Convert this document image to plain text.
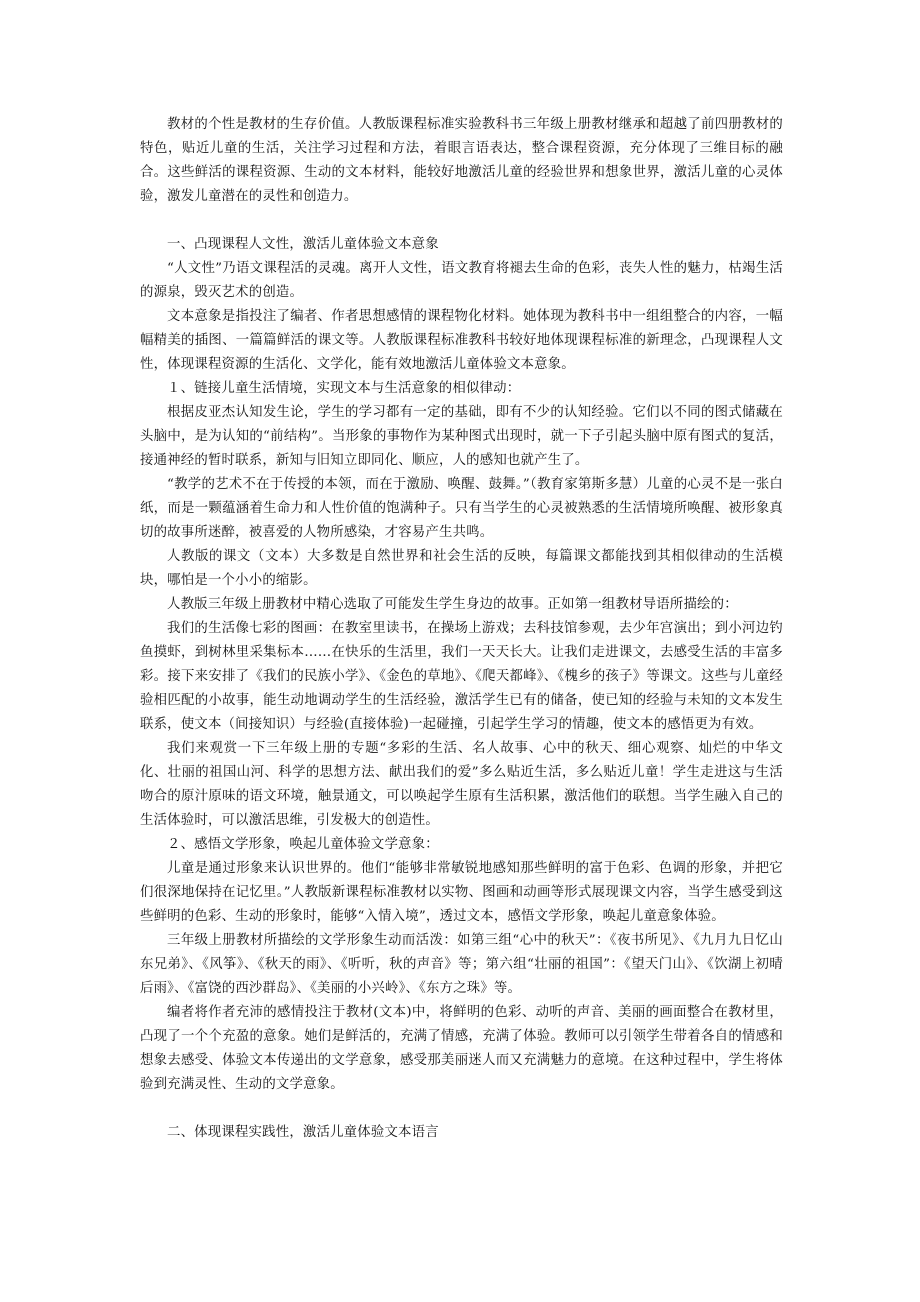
教材的个性是教材的生存价值。人教版课程标准实验教科书三年级上册教材继承和超越了前四册教材的特色，贴近儿童的生活，关注学习过程和方法，着眼言语表达，整合课程资源，充分体现了三维目标的融合。这些鲜活的课程资源、生动的文本材料，能较好地激活儿童的经验世界和想象世界，激活儿童的心灵体验，激发儿童潜在的灵性和创造力。

一、凸现课程人文性，激活儿童体验文本意象

“人文性”乃语文课程活的灵魂。离开人文性，语文教育将褪去生命的色彩，丧失人性的魅力，枯竭生活的源泉，毁灭艺术的创造。

文本意象是指投注了编者、作者思想感情的课程物化材料。她体现为教科书中一组组整合的内容，一幅幅精美的插图、一篇篇鲜活的课文等。人教版课程标准教科书较好地体现课程标准的新理念，凸现课程人文性，体现课程资源的生活化、文学化，能有效地激活儿童体验文本意象。

１、链接儿童生活情境，实现文本与生活意象的相似律动：

根据皮亚杰认知发生论，学生的学习都有一定的基础，即有不少的认知经验。它们以不同的图式储藏在头脑中，是为认知的“前结构”。当形象的事物作为某种图式出现时，就一下子引起头脑中原有图式的复活，接通神经的暂时联系，新知与旧知立即同化、顺应，人的感知也就产生了。

“教学的艺术不在于传授的本领，而在于激励、唤醒、鼓舞。”（教育家第斯多慧）儿童的心灵不是一张白纸，而是一颗蕴涵着生命力和人性价值的饱满种子。只有当学生的心灵被熟悉的生活情境所唤醒、被形象真切的故事所迷醉，被喜爱的人物所感染，才容易产生共鸣。

人教版的课文（文本）大多数是自然世界和社会生活的反映，每篇课文都能找到其相似律动的生活模块，哪怕是一个小小的缩影。

人教版三年级上册教材中精心选取了可能发生学生身边的故事。正如第一组教材导语所描绘的：

我们的生活像七彩的图画：在教室里读书，在操场上游戏；去科技馆参观，去少年宫演出；到小河边钓鱼摸虾，到树林里采集标本……在快乐的生活里，我们一天天长大。让我们走进课文，去感受生活的丰富多彩。接下来安排了《我们的民族小学》、《金色的草地》、《爬天都峰》、《槐乡的孩子》等课文。这些与儿童经验相匹配的小故事，能生动地调动学生的生活经验，激活学生已有的储备，使已知的经验与未知的文本发生联系，使文本（间接知识）与经验(直接体验)一起碰撞，引起学生学习的情趣，使文本的感悟更为有效。

我们来观赏一下三年级上册的专题“多彩的生活、名人故事、心中的秋天、细心观察、灿烂的中华文化、壮丽的祖国山河、科学的思想方法、献出我们的爱”多么贴近生活，多么贴近儿童！学生走进这与生活吻合的原汁原味的语文环境，触景通文，可以唤起学生原有生活积累，激活他们的联想。当学生融入自己的生活体验时，可以激活思维，引发极大的创造性。

２、感悟文学形象，唤起儿童体验文学意象：

儿童是通过形象来认识世界的。他们“能够非常敏锐地感知那些鲜明的富于色彩、色调的形象，并把它们很深地保持在记忆里。”人教版新课程标准教材以实物、图画和动画等形式展现课文内容，当学生感受到这些鲜明的色彩、生动的形象时，能够“入情入境”，透过文本，感悟文学形象，唤起儿童意象体验。

三年级上册教材所描绘的文学形象生动而活泼：如第三组“心中的秋天”：《夜书所见》、《九月九日忆山东兄弟》、《风筝》、《秋天的雨》、《听听，秋的声音》等；第六组“壮丽的祖国”：《望天门山》、《饮湖上初晴后雨》、《富饶的西沙群岛》、《美丽的小兴岭》、《东方之珠》等。

编者将作者充沛的感情投注于教材(文本)中，将鲜明的色彩、动听的声音、美丽的画面整合在教材里，凸现了一个个充盈的意象。她们是鲜活的，充满了情感，充满了体验。教师可以引领学生带着各自的情感和想象去感受、体验文本传递出的文学意象，感受那美丽迷人而又充满魅力的意境。在这种过程中，学生将体验到充满灵性、生动的文学意象。

二、体现课程实践性，激活儿童体验文本语言
